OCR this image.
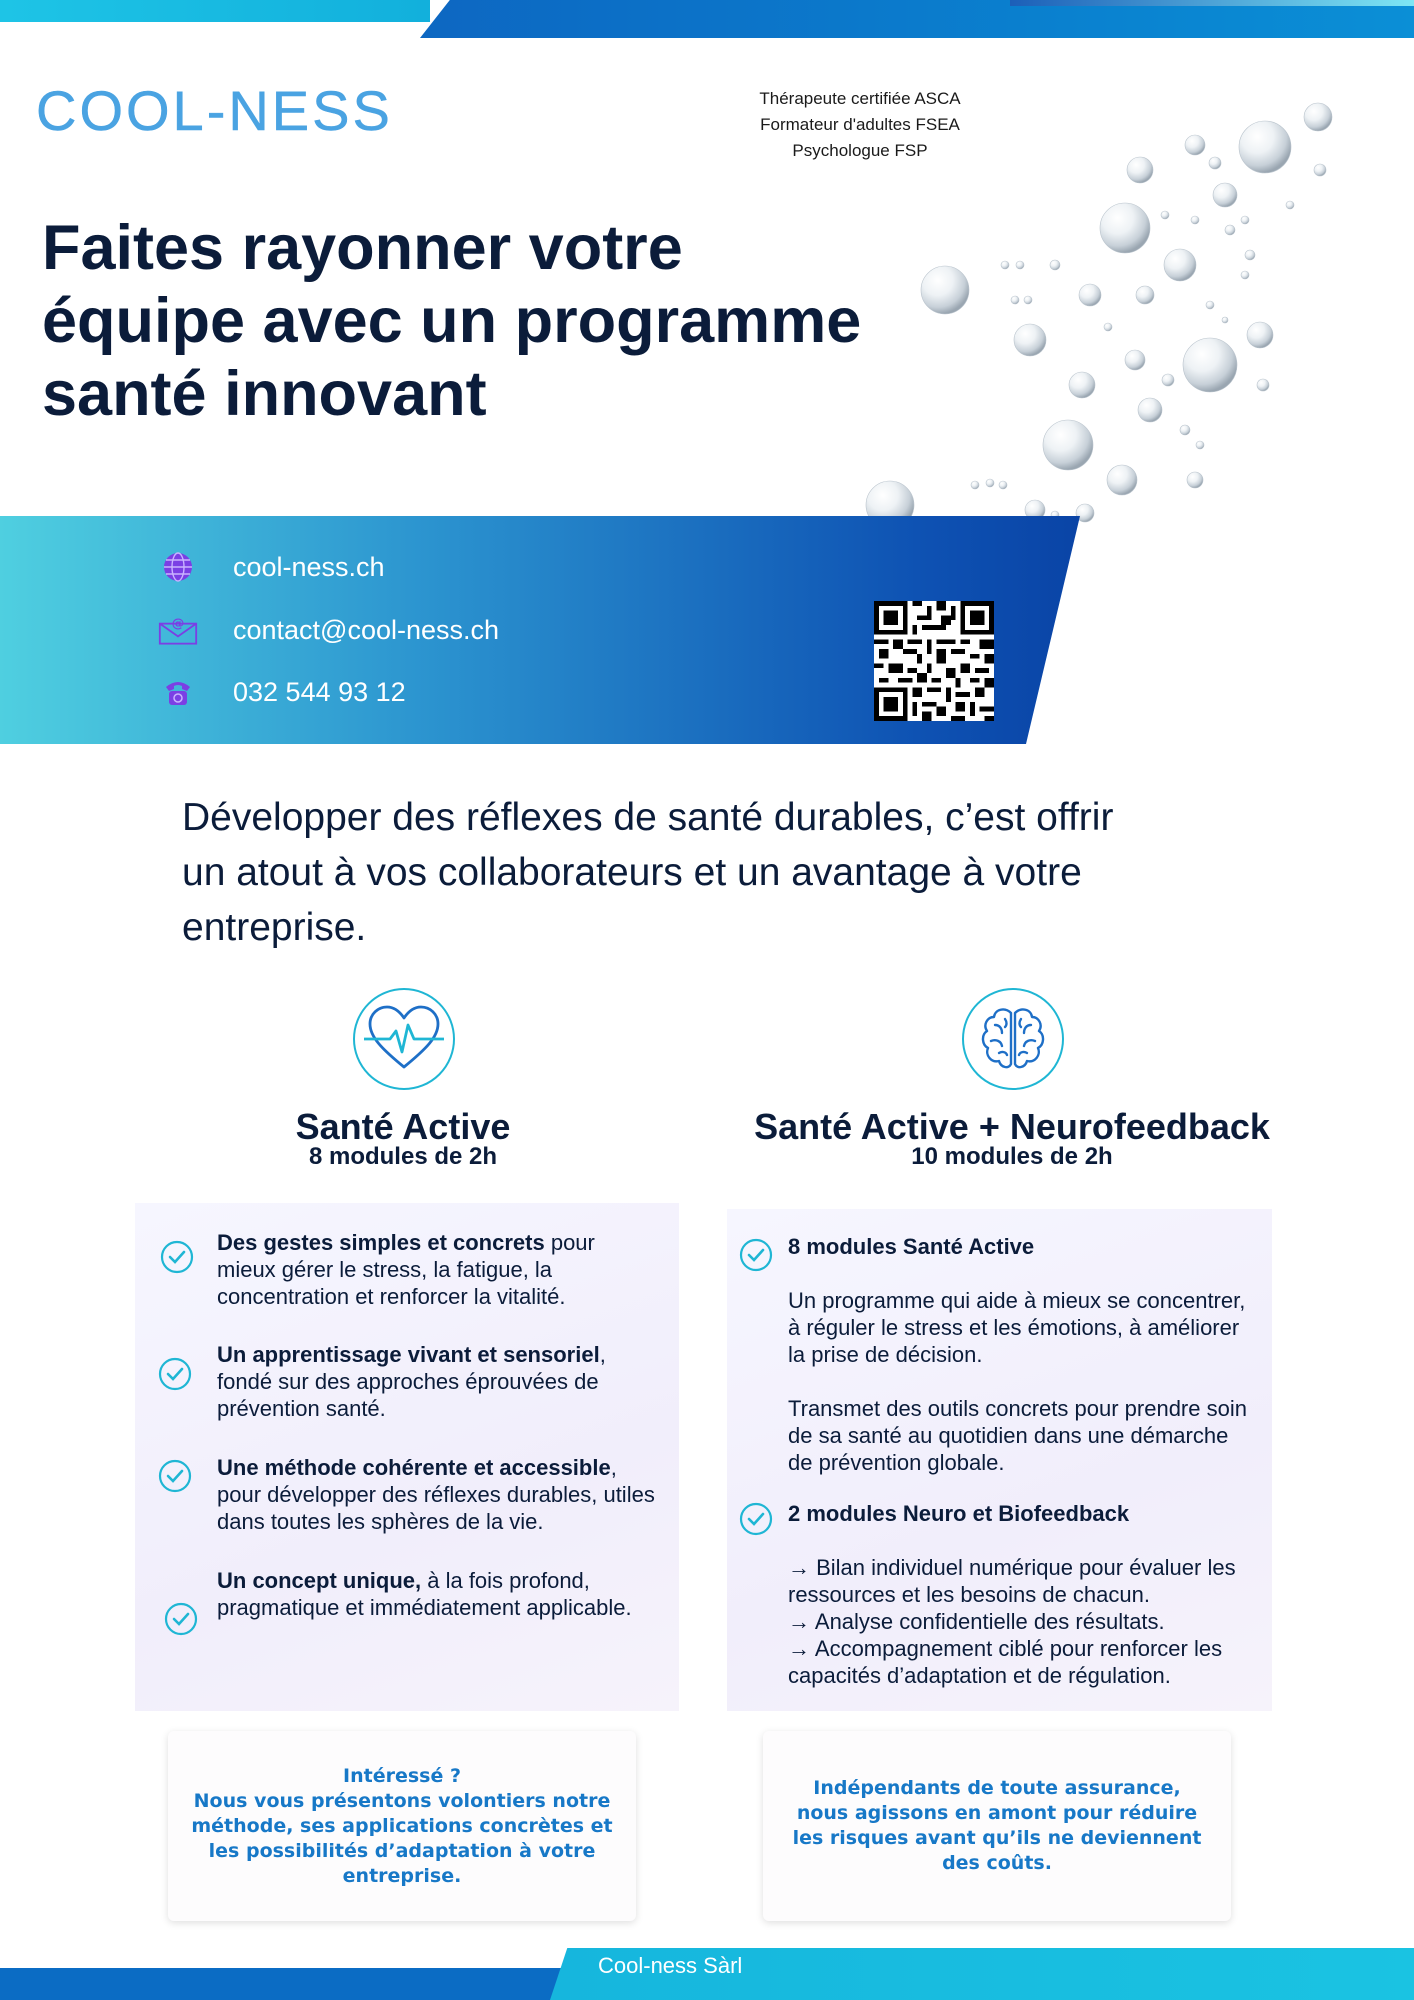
COOL-NESS	Thérapeute certifiée ASCA
Formateur d'adultes FSEA
Psychologue FSP
Faites rayonner votre
équipe avec un programme
santé innovant
cool-ness.ch
@ contact@cool-ness.ch
032 544 93 12
Développer des réflexes de santé durables, c’est offrir
un atout à vos collaborateurs et un avantage à votre
entreprise.
Santé Active
8 modules de 2h
Des gestes simples et concrets pour mieux gérer le stress, la fatigue, la concentration et renforcer la vitalité.
Un apprentissage vivant et sensoriel, fondé sur des approches éprouvées de prévention santé.
Une méthode cohérente et accessible, pour développer des réflexes durables, utiles dans toutes les sphères de la vie.
Un concept unique, à la fois profond, pragmatique et immédiatement applicable.
Intéressé ?
Nous vous présentons volontiers notre méthode, ses applications concrètes et les possibilités d’adaptation à votre entreprise.
Santé Active + Neurofeedback
10 modules de 2h
8 modules Santé Active
Un programme qui aide à mieux se concentrer, à réguler le stress et les émotions, à améliorer la prise de décision.
Transmet des outils concrets pour prendre soin de sa santé au quotidien dans une démarche de prévention globale.
2 modules Neuro et Biofeedback
→ Bilan individuel numérique pour évaluer les ressources et les besoins de chacun.
→ Analyse confidentielle des résultats.
→ Accompagnement ciblé pour renforcer les capacités d’adaptation et de régulation.
Indépendants de toute assurance, nous agissons en amont pour réduire les risques avant qu’ils ne deviennent des coûts.
Cool-ness Sàrl
